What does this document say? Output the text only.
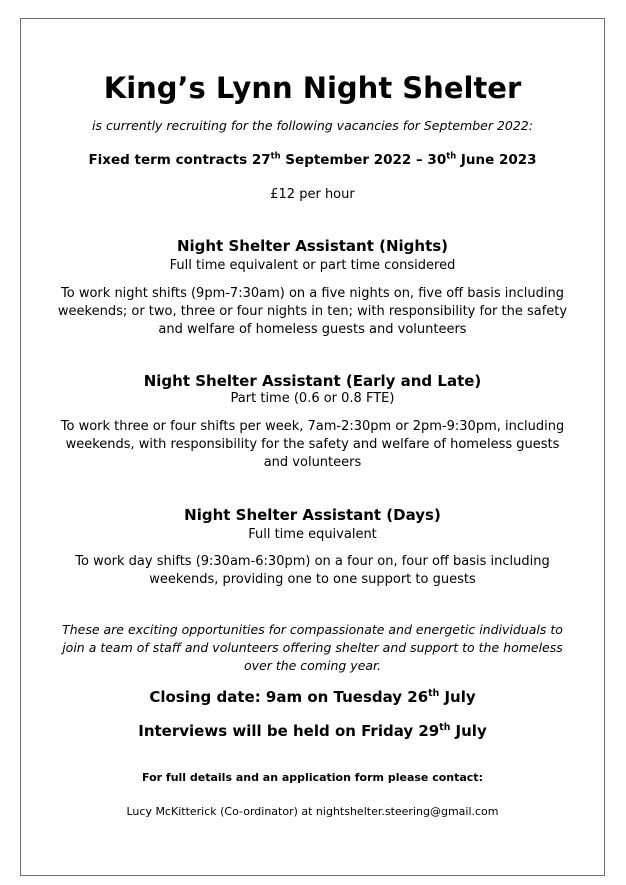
King’s Lynn Night Shelter
is currently recruiting for the following vacancies for September 2022:
Fixed term contracts 27th September 2022 – 30th June 2023
£12 per hour
Night Shelter Assistant (Nights)
Full time equivalent or part time considered
To work night shifts (9pm-7:30am) on a five nights on, five off basis including weekends; or two, three or four nights in ten; with responsibility for the safety and welfare of homeless guests and volunteers
Night Shelter Assistant (Early and Late)
Part time (0.6 or 0.8 FTE)
To work three or four shifts per week, 7am-2:30pm or 2pm-9:30pm, including weekends, with responsibility for the safety and welfare of homeless guests and volunteers
Night Shelter Assistant (Days)
Full time equivalent
To work day shifts (9:30am-6:30pm) on a four on, four off basis including weekends, providing one to one support to guests
These are exciting opportunities for compassionate and energetic individuals to join a team of staff and volunteers offering shelter and support to the homeless over the coming year.
Closing date: 9am on Tuesday 26th July
Interviews will be held on Friday 29th July
For full details and an application form please contact:
Lucy McKitterick (Co-ordinator) at nightshelter.steering@gmail.com
